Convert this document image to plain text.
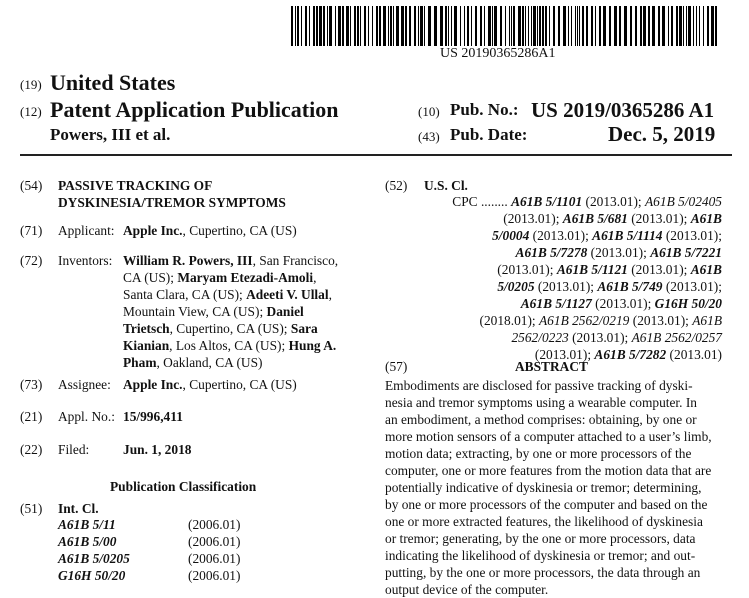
US 20190365286A1
(19) United States
(12) Patent Application Publication
Powers, III et al.
(10) Pub. No.: US 2019/0365286 A1
(43) Pub. Date:	Dec. 5, 2019
(54) PASSIVE TRACKING OF
DYSKINESIA/TREMOR SYMPTOMS
(71) Applicant: Apple Inc., Cupertino, CA (US)
(72) Inventors: William R. Powers, III, San Francisco,
CA (US); Maryam Etezadi-Amoli,
Santa Clara, CA (US); Adeeti V. Ullal,
Mountain View, CA (US); Daniel
Trietsch, Cupertino, CA (US); Sara
Kianian, Los Altos, CA (US); Hung A.
Pham, Oakland, CA (US)
(73) Assignee: Apple Inc., Cupertino, CA (US)
(21) Appl. No.: 15/996,411
(22) Filed:	Jun. 1, 2018
Publication Classification
(51) Int. Cl.
A61B 5/11	(2006.01)
A61B 5/00	(2006.01)
A61B 5/0205	(2006.01)
G16H 50/20	(2006.01)
(52) U.S. Cl.
CPC ........ A61B 5/1101 (2013.01); A61B 5/02405
(2013.01); A61B 5/681 (2013.01); A61B
5/0004 (2013.01); A61B 5/1114 (2013.01);
A61B 5/7278 (2013.01); A61B 5/7221
(2013.01); A61B 5/1121 (2013.01); A61B
5/0205 (2013.01); A61B 5/749 (2013.01);
A61B 5/1127 (2013.01); G16H 50/20
(2018.01); A61B 2562/0219 (2013.01); A61B
2562/0223 (2013.01); A61B 2562/0257
(2013.01); A61B 5/7282 (2013.01)
(57)	ABSTRACT
Embodiments are disclosed for passive tracking of dyski-
nesia and tremor symptoms using a wearable computer. In
an embodiment, a method comprises: obtaining, by one or
more motion sensors of a computer attached to a user’s limb,
motion data; extracting, by one or more processors of the
computer, one or more features from the motion data that are
potentially indicative of dyskinesia or tremor; determining,
by one or more processors of the computer and based on the
one or more extracted features, the likelihood of dyskinesia
or tremor; generating, by the one or more processors, data
indicating the likelihood of dyskinesia or tremor; and out-
putting, by the one or more processors, the data through an
output device of the computer.
